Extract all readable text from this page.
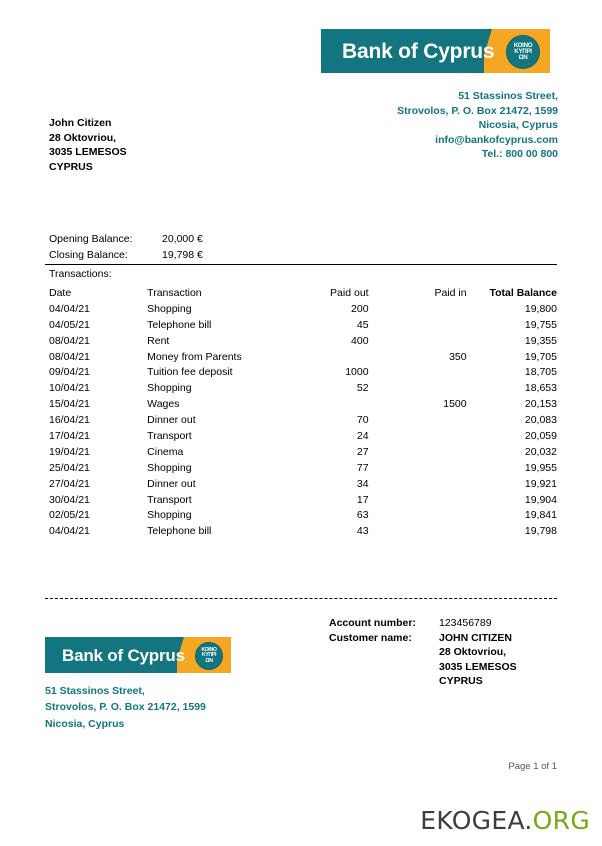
Bank of Cyprus	ΚΟΙΝΟ
ΚΥΠΡΙ
ΩΝ
51 Stassinos Street,
Strovolos, P. O. Box 21472, 1599
Nicosia, Cyprus
info@bankofcyprus.com
Tel.: 800 00 800
John Citizen
28 Oktovriou,
3035 LEMESOS
CYPRUS
Opening Balance:	20,000 €
Closing Balance:	19,798 €
Transactions:
Date	Transaction	Paid out	Paid in	Total Balance
04/04/21	Shopping	200		19,800
04/05/21	Telephone bill	45		19,755
08/04/21	Rent	400		19,355
08/04/21	Money from Parents		350	19,705
09/04/21	Tuition fee deposit	1000		18,705
10/04/21	Shopping	52		18,653
15/04/21	Wages		1500	20,153
16/04/21	Dinner out	70		20,083
17/04/21	Transport	24		20,059
19/04/21	Cinema	27		20,032
25/04/21	Shopping	77		19,955
27/04/21	Dinner out	34		19,921
30/04/21	Transport	17		19,904
02/05/21	Shopping	63		19,841
04/04/21	Telephone bill	43		19,798
Bank of Cyprus	ΚΟΙΝΟ
ΚΥΠΡΙ
ΩΝ
51 Stassinos Street,
Strovolos, P. O. Box 21472, 1599
Nicosia, Cyprus
Account number:	123456789
Customer name:	JOHN CITIZEN
28 Oktovriou,
3035 LEMESOS
CYPRUS
Page 1 of 1
EKOGEA.ORG
